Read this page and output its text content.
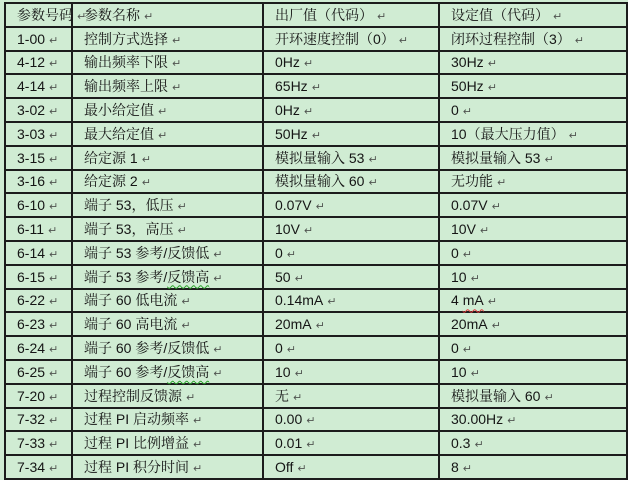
参数号码 ↵	参数名称 ↵	出厂值（代码） ↵	设定值（代码） ↵
1-00 ↵	控制方式选择 ↵	开环速度控制（0） ↵	闭环过程控制（3） ↵
4-12 ↵	输出频率下限 ↵	0Hz ↵	30Hz ↵
4-14 ↵	输出频率上限 ↵	65Hz ↵	50Hz ↵
3-02 ↵	最小给定值 ↵	0Hz ↵	0 ↵
3-03 ↵	最大给定值 ↵	50Hz ↵	10（最大压力值） ↵
3-15 ↵	给定源 1 ↵	模拟量输入 53 ↵	模拟量输入 53 ↵
3-16 ↵	给定源 2 ↵	模拟量输入 60 ↵	无功能 ↵
6-10 ↵	端子 53，低压 ↵	0.07V ↵	0.07V ↵
6-11 ↵	端子 53，高压 ↵	10V ↵	10V ↵
6-14 ↵	端子 53 参考/反馈低 ↵	0 ↵	0 ↵
6-15 ↵	端子 53 参考/反馈高 ↵	50 ↵	10 ↵
6-22 ↵	端子 60 低电流 ↵	0.14mA ↵	4 mA ↵
6-23 ↵	端子 60 高电流 ↵	20mA ↵	20mA ↵
6-24 ↵	端子 60 参考/反馈低 ↵	0 ↵	0 ↵
6-25 ↵	端子 60 参考/反馈高 ↵	10 ↵	10 ↵
7-20 ↵	过程控制反馈源 ↵	无 ↵	模拟量输入 60 ↵
7-32 ↵	过程 PI 启动频率 ↵	0.00 ↵	30.00Hz ↵
7-33 ↵	过程 PI 比例增益 ↵	0.01 ↵	0.3 ↵
7-34 ↵	过程 PI 积分时间 ↵	Off ↵	8 ↵
